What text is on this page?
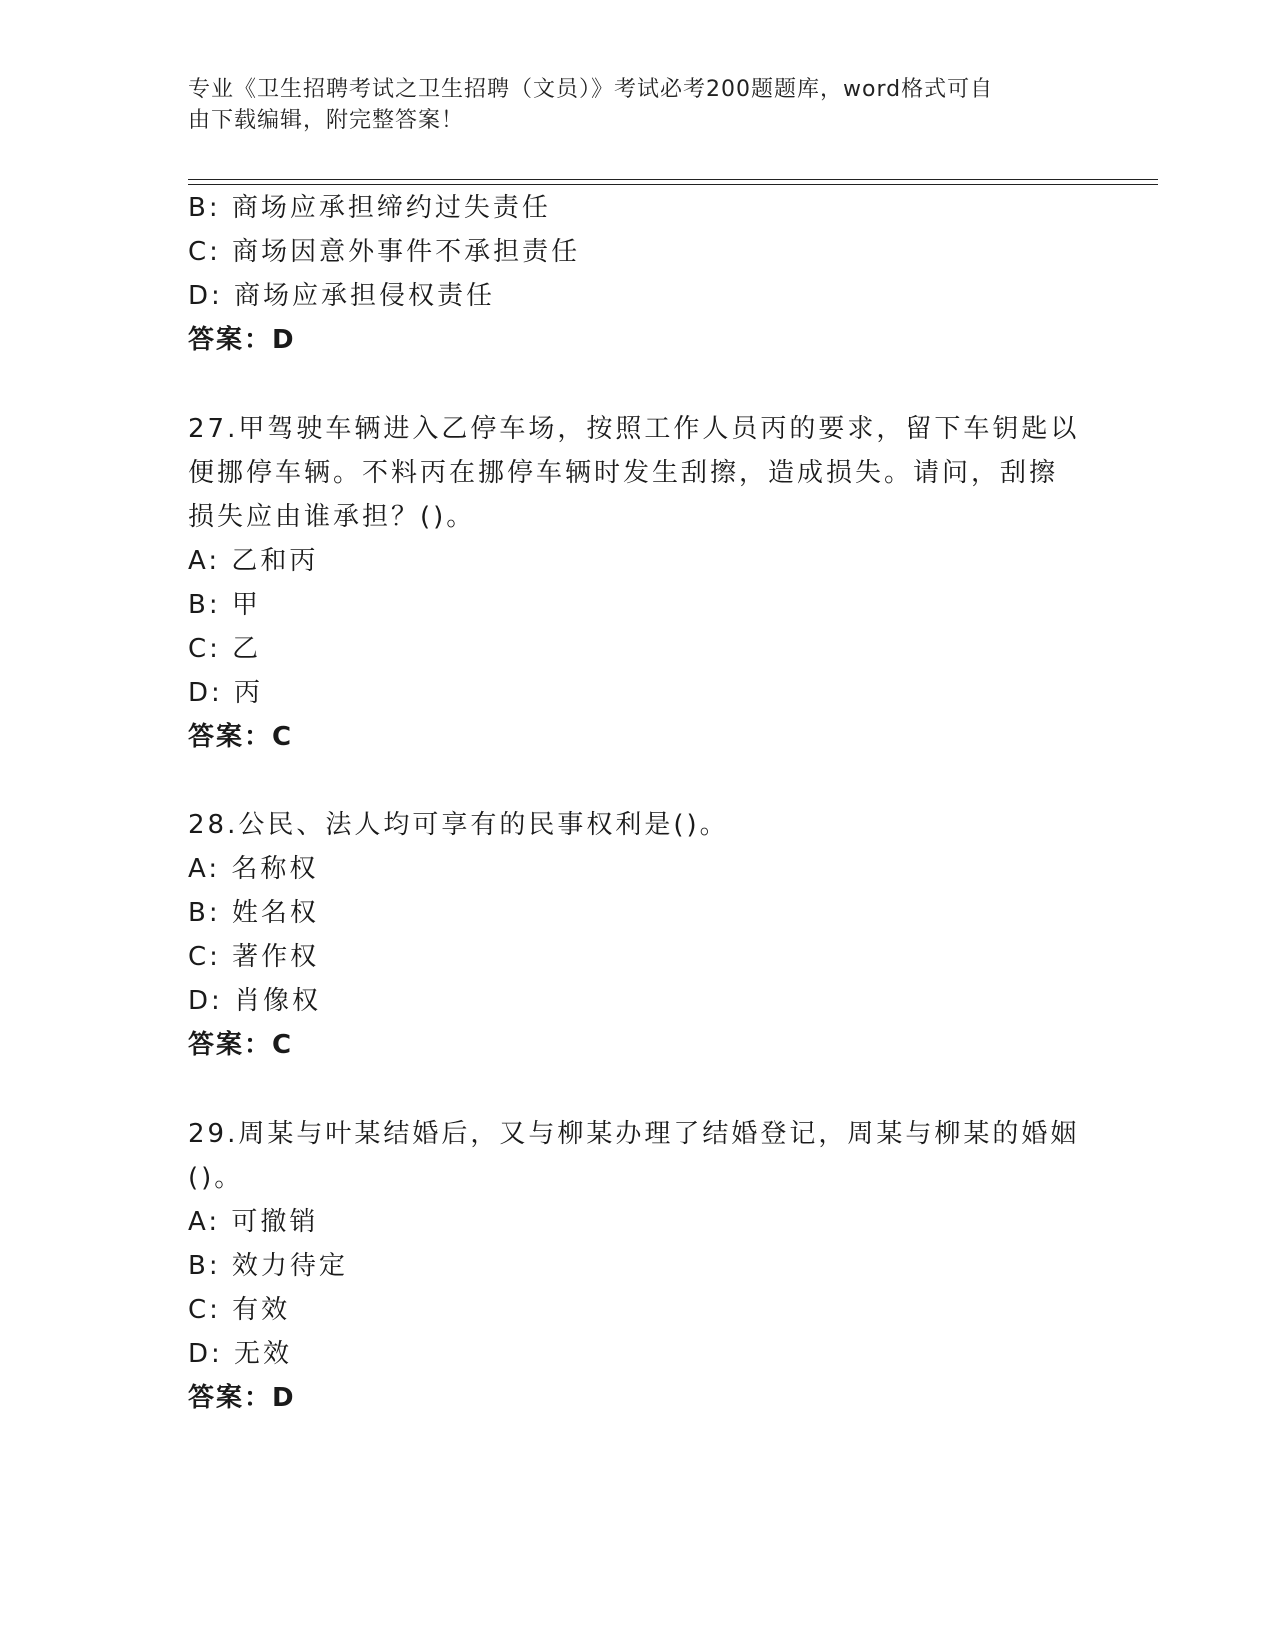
专业《卫生招聘考试之卫生招聘（文员）》考试必考200题题库，word格式可自
由下载编辑，附完整答案！
B: 商场应承担缔约过失责任
C: 商场因意外事件不承担责任
D: 商场应承担侵权责任
答案：D
27.甲驾驶车辆进入乙停车场，按照工作人员丙的要求，留下车钥匙以
便挪停车辆。不料丙在挪停车辆时发生刮擦，造成损失。请问，刮擦
损失应由谁承担？()。
A: 乙和丙
B: 甲
C: 乙
D: 丙
答案：C
28.公民、法人均可享有的民事权利是()。
A: 名称权
B: 姓名权
C: 著作权
D: 肖像权
答案：C
29.周某与叶某结婚后，又与柳某办理了结婚登记，周某与柳某的婚姻
()。
A: 可撤销
B: 效力待定
C: 有效
D: 无效
答案：D
